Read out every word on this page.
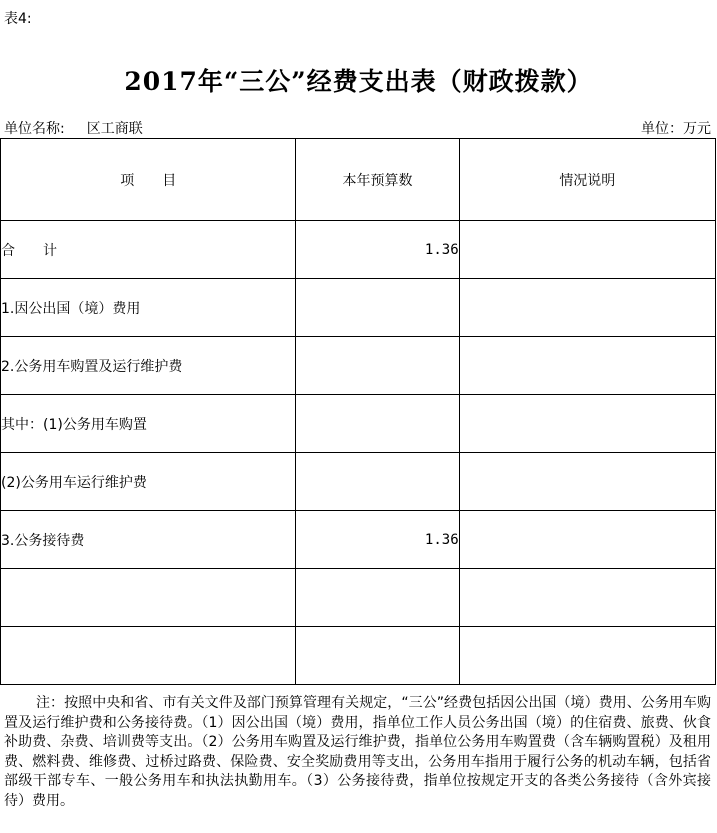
表4:
2017年“三公”经费支出表（财政拨款）
单位名称: 区工商联	单位：万元
项　　目	本年预算数	情况说明
合　　计	1.36	
1.因公出国（境）费用		
2.公务用车购置及运行维护费		
其中：(1)公务用车购置		
(2)公务用车运行维护费		
3.公务接待费	1.36	

注：按照中央和省、市有关文件及部门预算管理有关规定，“三公”经费包括因公出国（境）费用、公务用车购置及运行维护费和公务接待费。（1）因公出国（境）费用，指单位工作人员公务出国（境）的住宿费、旅费、伙食补助费、杂费、培训费等支出。（2）公务用车购置及运行维护费，指单位公务用车购置费（含车辆购置税）及租用费、燃料费、维修费、过桥过路费、保险费、安全奖励费用等支出，公务用车指用于履行公务的机动车辆，包括省部级干部专车、一般公务用车和执法执勤用车。（3）公务接待费，指单位按规定开支的各类公务接待（含外宾接待）费用。
